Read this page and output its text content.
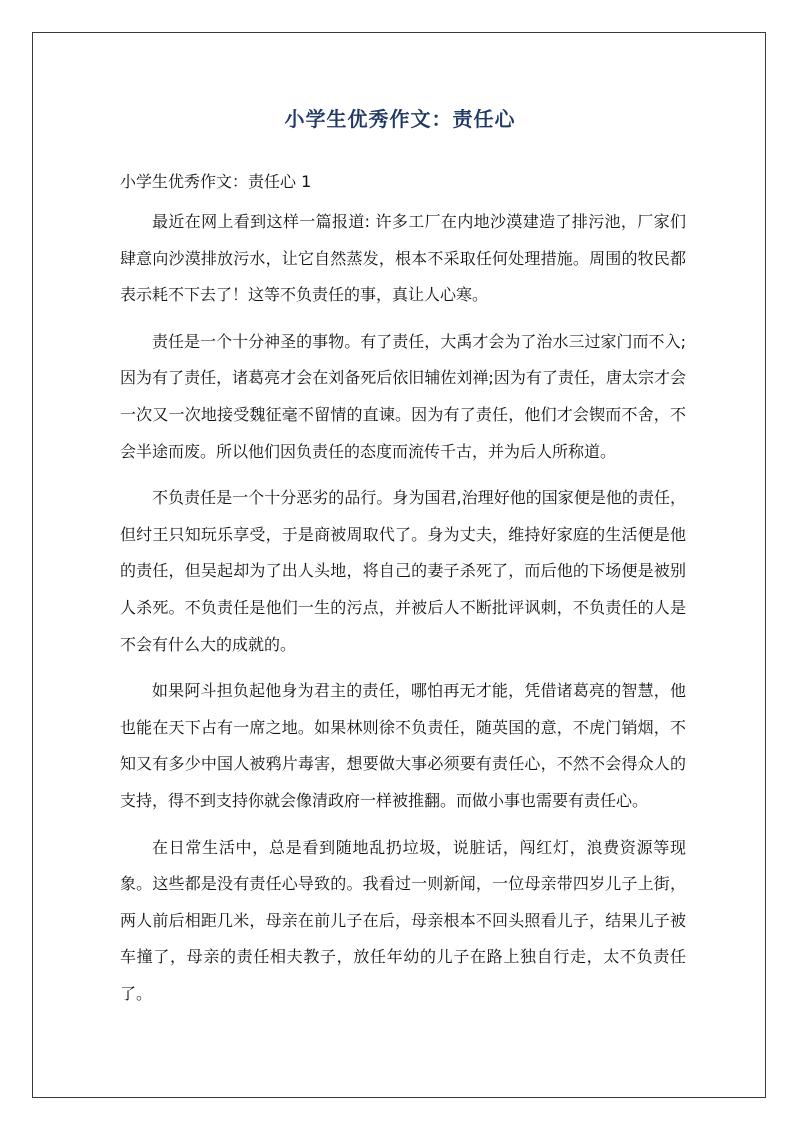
小学生优秀作文：责任心
小学生优秀作文：责任心 1

最近在网上看到这样一篇报道: 许多工厂在内地沙漠建造了排污池，厂家们肆意向沙漠排放污水，让它自然蒸发，根本不采取任何处理措施。周围的牧民都表示耗不下去了！这等不负责任的事，真让人心寒。

责任是一个十分神圣的事物。有了责任，大禹才会为了治水三过家门而不入;因为有了责任，诸葛亮才会在刘备死后依旧辅佐刘禅;因为有了责任，唐太宗才会一次又一次地接受魏征毫不留情的直谏。因为有了责任，他们才会锲而不舍，不会半途而废。所以他们因负责任的态度而流传千古，并为后人所称道。

不负责任是一个十分恶劣的品行。身为国君,治理好他的国家便是他的责任，但纣王只知玩乐享受，于是商被周取代了。身为丈夫，维持好家庭的生活便是他的责任，但吴起却为了出人头地，将自己的妻子杀死了，而后他的下场便是被别人杀死。不负责任是他们一生的污点，并被后人不断批评讽刺，不负责任的人是不会有什么大的成就的。

如果阿斗担负起他身为君主的责任，哪怕再无才能，凭借诸葛亮的智慧，他也能在天下占有一席之地。如果林则徐不负责任，随英国的意，不虎门销烟，不知又有多少中国人被鸦片毒害，想要做大事必须要有责任心，不然不会得众人的支持，得不到支持你就会像清政府一样被推翻。而做小事也需要有责任心。

在日常生活中，总是看到随地乱扔垃圾，说脏话，闯红灯，浪费资源等现象。这些都是没有责任心导致的。我看过一则新闻，一位母亲带四岁儿子上街，两人前后相距几米，母亲在前儿子在后，母亲根本不回头照看儿子，结果儿子被车撞了，母亲的责任相夫教子，放任年幼的儿子在路上独自行走，太不负责任了。
